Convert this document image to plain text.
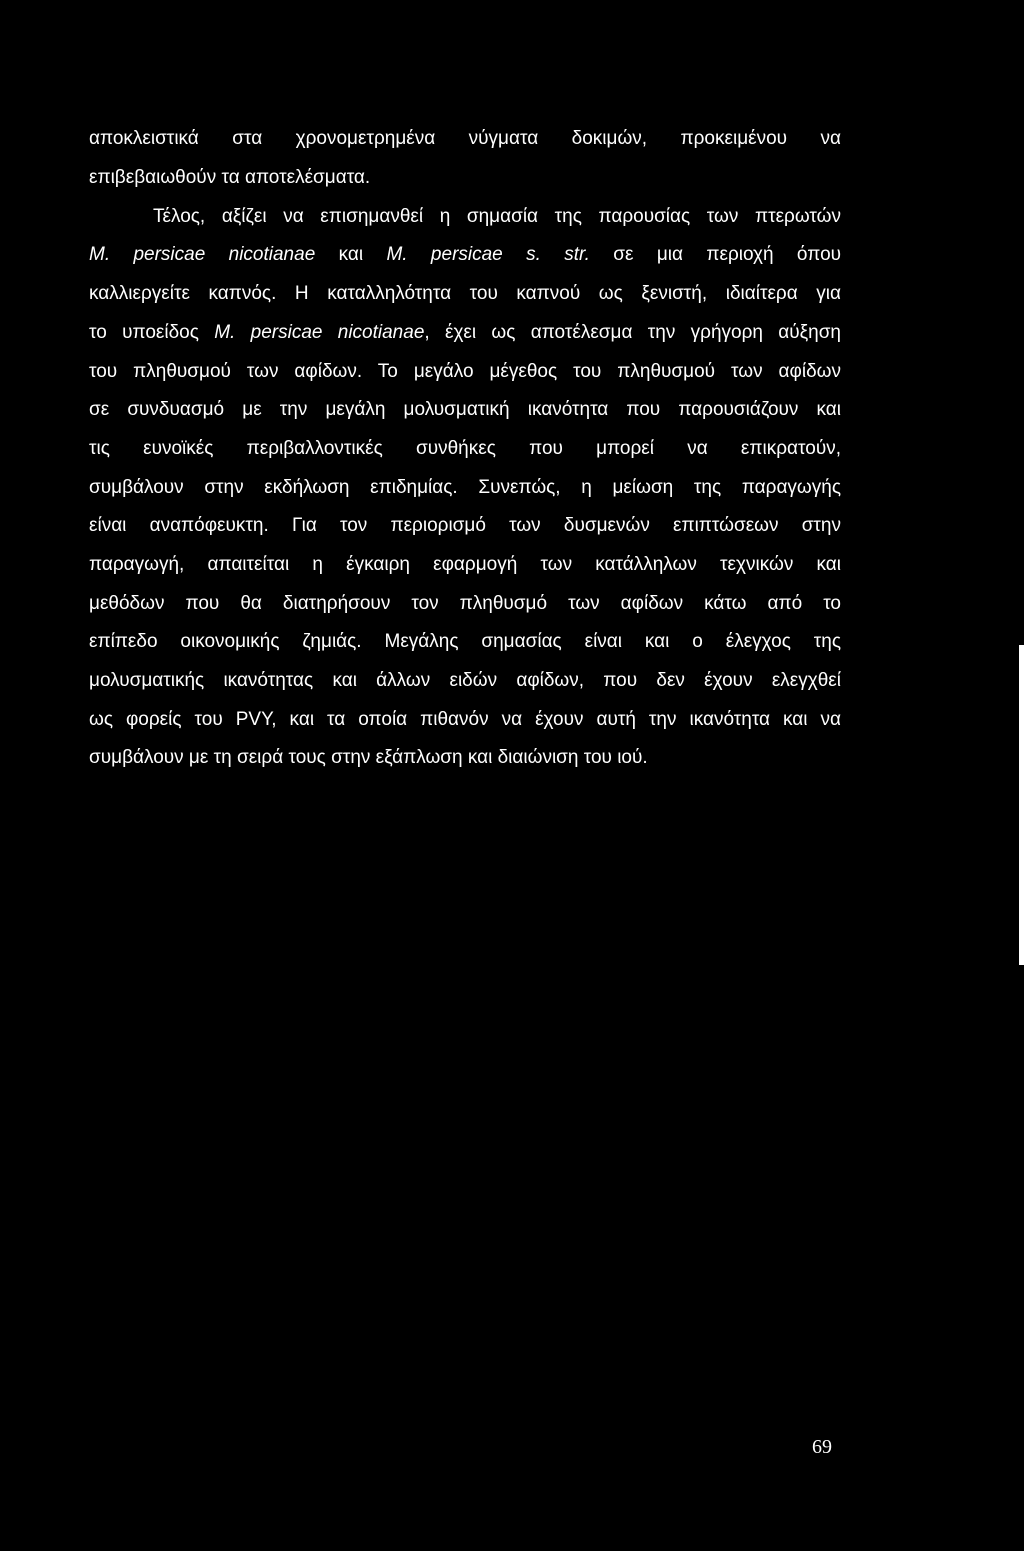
αποκλειστικά στα χρονομετρημένα νύγματα δοκιμών, προκειμένου να
επιβεβαιωθούν τα αποτελέσματα.
Τέλος, αξίζει να επισημανθεί η σημασία της παρουσίας των πτερωτών
M. persicae nicotianae και M. persicae s. str. σε μια περιοχή όπου
καλλιεργείτε καπνός. Η καταλληλότητα του καπνού ως ξενιστή, ιδιαίτερα για
το υποείδος M. persicae nicotianae, έχει ως αποτέλεσμα την γρήγορη αύξηση
του πληθυσμού των αφίδων. Το μεγάλο μέγεθος του πληθυσμού των αφίδων
σε συνδυασμό με την μεγάλη μολυσματική ικανότητα που παρουσιάζουν και
τις ευνοϊκές περιβαλλοντικές συνθήκες που μπορεί να επικρατούν,
συμβάλουν στην εκδήλωση επιδημίας. Συνεπώς, η μείωση της παραγωγής
είναι αναπόφευκτη. Για τον περιορισμό των δυσμενών επιπτώσεων στην
παραγωγή, απαιτείται η έγκαιρη εφαρμογή των κατάλληλων τεχνικών και
μεθόδων που θα διατηρήσουν τον πληθυσμό των αφίδων κάτω από το
επίπεδο οικονομικής ζημιάς. Μεγάλης σημασίας είναι και ο έλεγχος της
μολυσματικής ικανότητας και άλλων ειδών αφίδων, που δεν έχουν ελεγχθεί
ως φορείς του PVY, και τα οποία πιθανόν να έχουν αυτή την ικανότητα και να
συμβάλουν με τη σειρά τους στην εξάπλωση και διαιώνιση του ιού.
69
